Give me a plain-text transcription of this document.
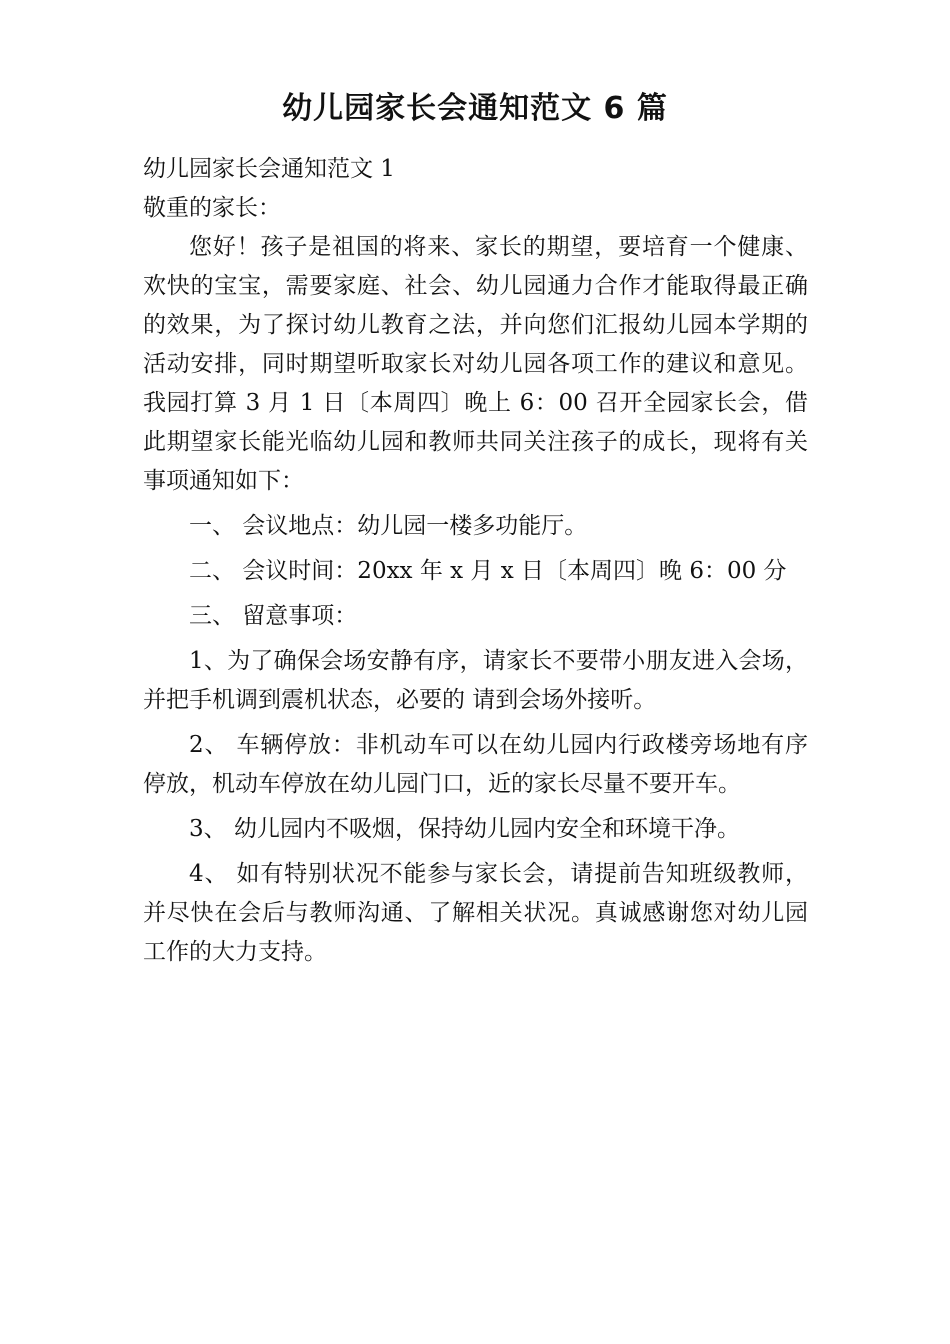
幼儿园家长会通知范文 6 篇

幼儿园家长会通知范文 1

敬重的家长：

您好！孩子是祖国的将来、家长的期望，要培育一个健康、欢快的宝宝，需要家庭、社会、幼儿园通力合作才能取得最正确的效果，为了探讨幼儿教育之法，并向您们汇报幼儿园本学期的活动安排，同时期望听取家长对幼儿园各项工作的建议和意见。我园打算 3 月 1 日〔本周四〕晚上 6：00 召开全园家长会，借此期望家长能光临幼儿园和教师共同关注孩子的成长，现将有关事项通知如下：

一、 会议地点：幼儿园一楼多功能厅。

二、 会议时间：20xx 年 x 月 x 日〔本周四〕晚 6：00 分

三、 留意事项：

1、为了确保会场安静有序，请家长不要带小朋友进入会场，并把手机调到震机状态，必要的 请到会场外接听。

2、 车辆停放：非机动车可以在幼儿园内行政楼旁场地有序停放，机动车停放在幼儿园门口，近的家长尽量不要开车。

3、 幼儿园内不吸烟，保持幼儿园内安全和环境干净。

4、 如有特别状况不能参与家长会，请提前告知班级教师，并尽快在会后与教师沟通、了解相关状况。真诚感谢您对幼儿园工作的大力支持。
